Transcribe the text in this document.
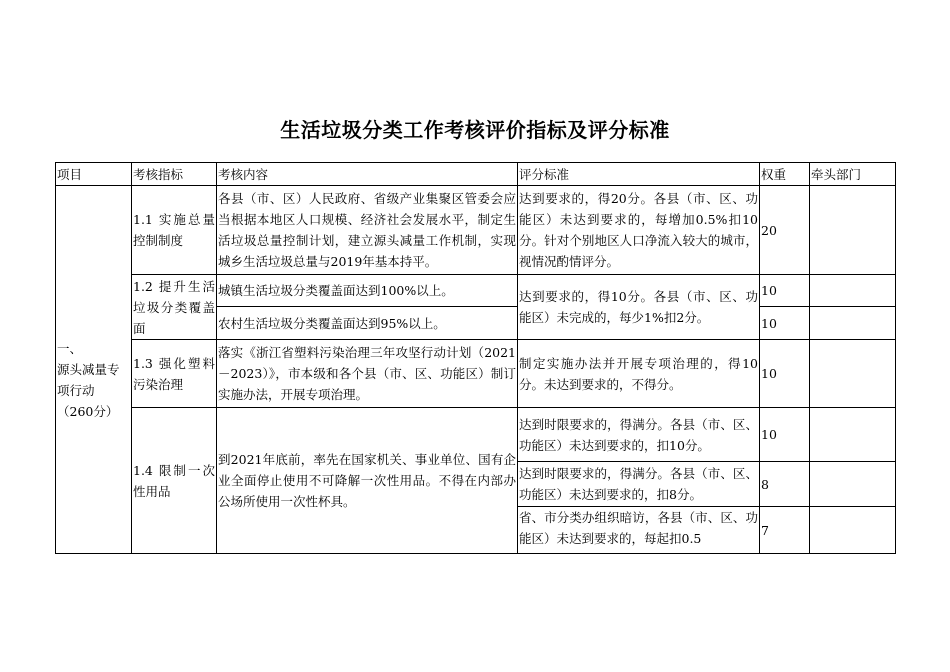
生活垃圾分类工作考核评价指标及评分标准
项目	考核指标	考核内容	评分标准	权重	牵头部门

一、
源头减量专项行动（260分）	1.1 实施总量控制制度	各县（市、区）人民政府、省级产业集聚区管委会应当根据本地区人口规模、经济社会发展水平，制定生活垃圾总量控制计划，建立源头减量工作机制，实现城乡生活垃圾总量与2019年基本持平。	达到要求的，得20分。各县（市、区、功能区）未达到要求的，每增加0.5%扣10分。针对个别地区人口净流入较大的城市，视情况酌情评分。	20	
	1.2 提升生活垃圾分类覆盖面	城镇生活垃圾分类覆盖面达到100%以上。	达到要求的，得10分。各县（市、区、功能区）未完成的，每少1%扣2分。	10	
		农村生活垃圾分类覆盖面达到95%以上。		10	
	1.3 强化塑料污染治理	落实《浙江省塑料污染治理三年攻坚行动计划（2021－2023）》，市本级和各个县（市、区、功能区）制订实施办法，开展专项治理。	制定实施办法并开展专项治理的，得10分。未达到要求的，不得分。	10	
	1.4 限制一次性用品	到2021年底前，率先在国家机关、事业单位、国有企业全面停止使用不可降解一次性用品。不得在内部办公场所使用一次性杯具。	达到时限要求的，得满分。各县（市、区、功能区）未达到要求的，扣10分。	10	
			达到时限要求的，得满分。各县（市、区、功能区）未达到要求的，扣8分。	8	

			省、市分类办组织暗访，各县（市、区、功能区）未达到要求的，每起扣0.5	7	
